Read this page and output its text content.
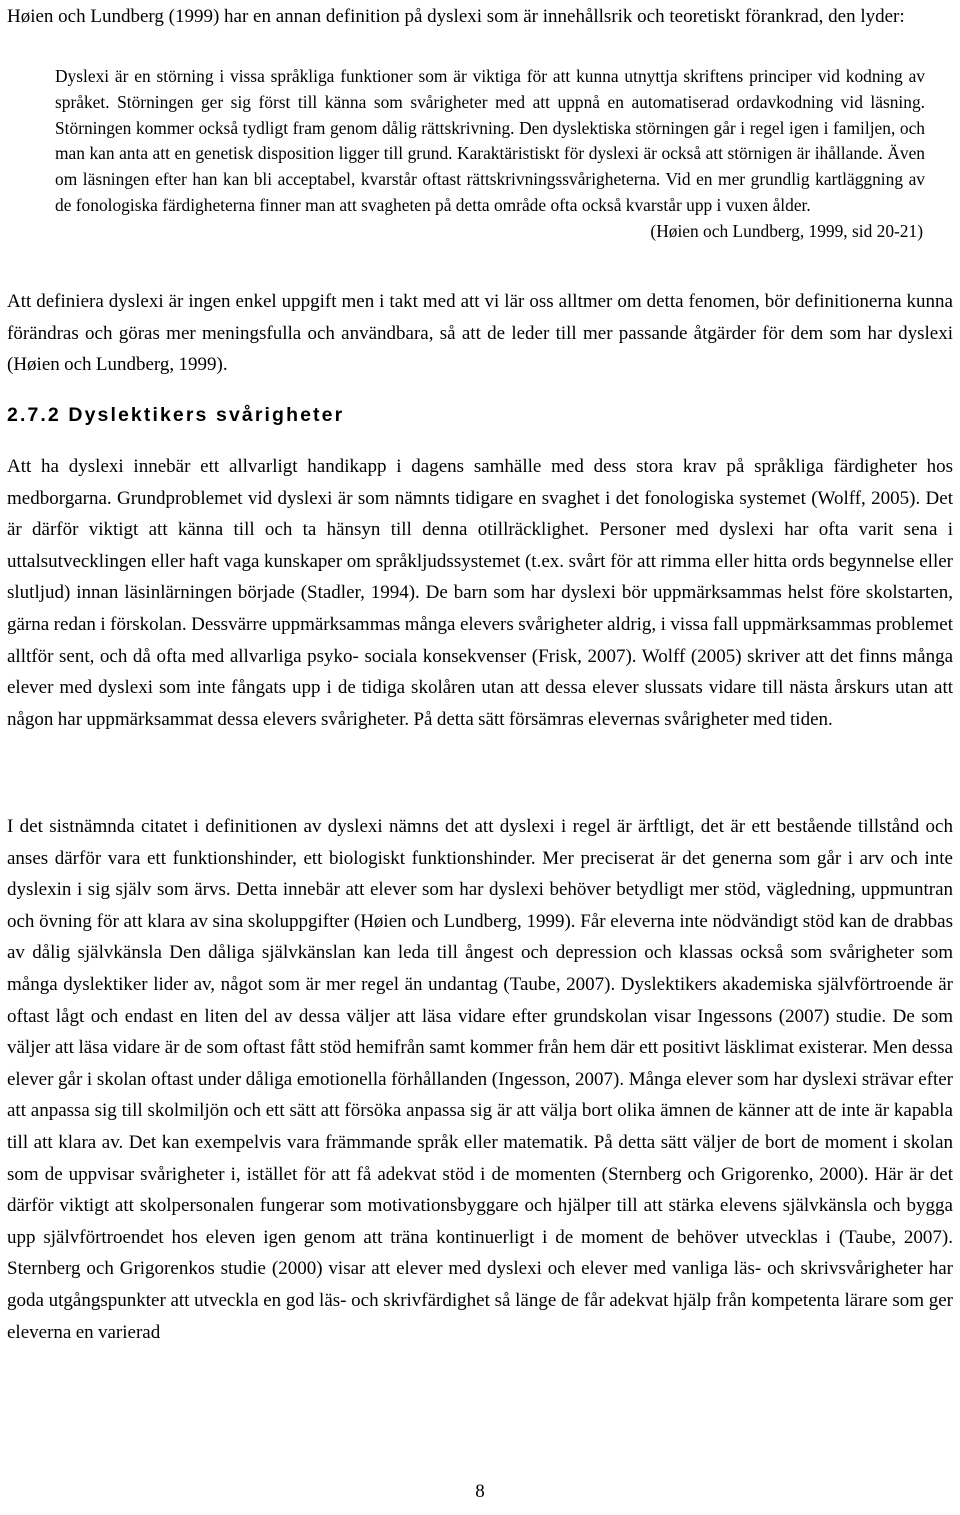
Høien och Lundberg (1999) har en annan definition på dyslexi som är innehållsrik och teoretiskt förankrad, den lyder:
Dyslexi är en störning i vissa språkliga funktioner som är viktiga för att kunna utnyttja skriftens principer vid kodning av språket. Störningen ger sig först till känna som svårigheter med att uppnå en automatiserad ordavkodning vid läsning. Störningen kommer också tydligt fram genom dålig rättskrivning. Den dyslektiska störningen går i regel igen i familjen, och man kan anta att en genetisk disposition ligger till grund. Karaktäristiskt för dyslexi är också att störnigen är ihållande. Även om läsningen efter han kan bli acceptabel, kvarstår oftast rättskrivningssvårigheterna. Vid en mer grundlig kartläggning av de fonologiska färdigheterna finner man att svagheten på detta område ofta också kvarstår upp i vuxen ålder.
(Høien och Lundberg, 1999, sid 20-21)
Att definiera dyslexi är ingen enkel uppgift men i takt med att vi lär oss alltmer om detta fenomen, bör definitionerna kunna förändras och göras mer meningsfulla och användbara, så att de leder till mer passande åtgärder för dem som har dyslexi (Høien och Lundberg, 1999).
2.7.2 Dyslektikers svårigheter
Att ha dyslexi innebär ett allvarligt handikapp i dagens samhälle med dess stora krav på språkliga färdigheter hos medborgarna. Grundproblemet vid dyslexi är som nämnts tidigare en svaghet i det fonologiska systemet (Wolff, 2005). Det är därför viktigt att känna till och ta hänsyn till denna otillräcklighet. Personer med dyslexi har ofta varit sena i uttalsutvecklingen eller haft vaga kunskaper om språkljudssystemet (t.ex. svårt för att rimma eller hitta ords begynnelse eller slutljud) innan läsinlärningen började (Stadler, 1994). De barn som har dyslexi bör uppmärksammas helst före skolstarten, gärna redan i förskolan. Dessvärre uppmärksammas många elevers svårigheter aldrig, i vissa fall uppmärksammas problemet alltför sent, och då ofta med allvarliga psyko- sociala konsekvenser (Frisk, 2007). Wolff (2005) skriver att det finns många elever med dyslexi som inte fångats upp i de tidiga skolåren utan att dessa elever slussats vidare till nästa årskurs utan att någon har uppmärksammat dessa elevers svårigheter. På detta sätt försämras elevernas svårigheter med tiden.
I det sistnämnda citatet i definitionen av dyslexi nämns det att dyslexi i regel är ärftligt, det är ett bestående tillstånd och anses därför vara ett funktionshinder, ett biologiskt funktionshinder. Mer preciserat är det generna som går i arv och inte dyslexin i sig själv som ärvs. Detta innebär att elever som har dyslexi behöver betydligt mer stöd, vägledning, uppmuntran och övning för att klara av sina skoluppgifter (Høien och Lundberg, 1999). Får eleverna inte nödvändigt stöd kan de drabbas av dålig självkänsla Den dåliga självkänslan kan leda till ångest och depression och klassas också som svårigheter som många dyslektiker lider av, något som är mer regel än undantag (Taube, 2007). Dyslektikers akademiska självförtroende är oftast lågt och endast en liten del av dessa väljer att läsa vidare efter grundskolan visar Ingessons (2007) studie. De som väljer att läsa vidare är de som oftast fått stöd hemifrån samt kommer från hem där ett positivt läsklimat existerar. Men dessa elever går i skolan oftast under dåliga emotionella förhållanden (Ingesson, 2007). Många elever som har dyslexi strävar efter att anpassa sig till skolmiljön och ett sätt att försöka anpassa sig är att välja bort olika ämnen de känner att de inte är kapabla till att klara av. Det kan exempelvis vara främmande språk eller matematik. På detta sätt väljer de bort de moment i skolan som de uppvisar svårigheter i, istället för att få adekvat stöd i de momenten (Sternberg och Grigorenko, 2000). Här är det därför viktigt att skolpersonalen fungerar som motivationsbyggare och hjälper till att stärka elevens självkänsla och bygga upp självförtroendet hos eleven igen genom att träna kontinuerligt i de moment de behöver utvecklas i (Taube, 2007). Sternberg och Grigorenkos studie (2000) visar att elever med dyslexi och elever med vanliga läs- och skrivsvårigheter har goda utgångspunkter att utveckla en god läs- och skrivfärdighet så länge de får adekvat hjälp från kompetenta lärare som ger eleverna en varierad
8
